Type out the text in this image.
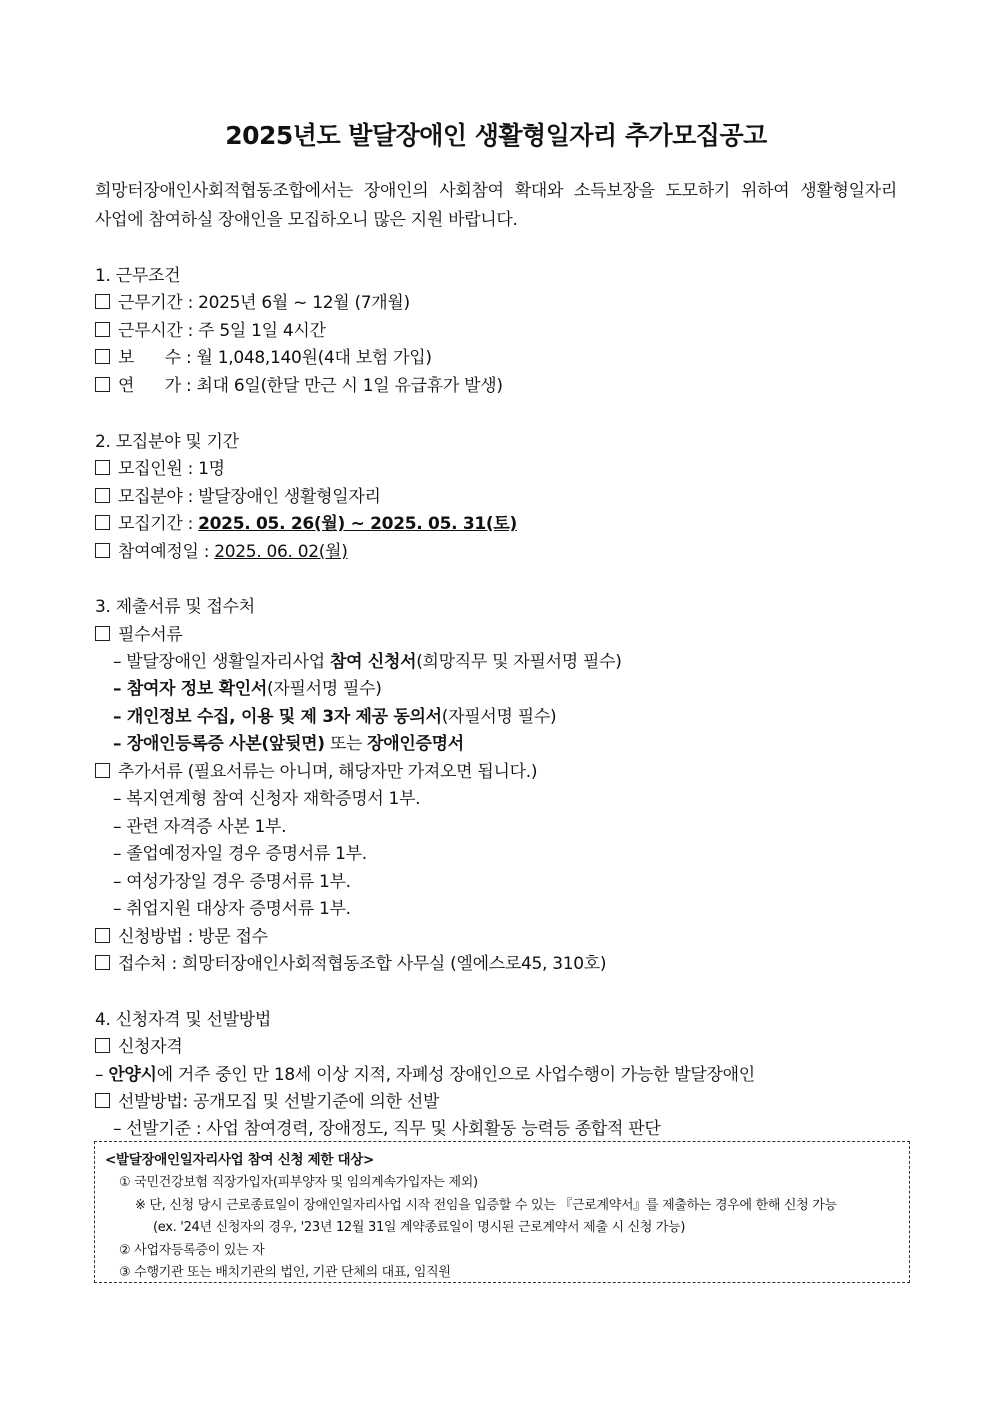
2025년도 발달장애인 생활형일자리 추가모집공고
희망터장애인사회적협동조합에서는 장애인의 사회참여 확대와 소득보장을 도모하기 위하여 생활형일자리
사업에 참여하실 장애인을 모집하오니 많은 지원 바랍니다.
1. 근무조건
근무기간 : 2025년 6월 ~ 12월 (7개월)
근무시간 : 주 5일 1일 4시간
보      수 : 월 1,048,140원(4대 보험 가입)
연      가 : 최대 6일(한달 만근 시 1일 유급휴가 발생)
2. 모집분야 및 기간
모집인원 : 1명
모집분야 : 발달장애인 생활형일자리
모집기간 : 2025. 05. 26(월) ~ 2025. 05. 31(토)
참여예정일 : 2025. 06. 02(월)
3. 제출서류 및 접수처
필수서류
– 발달장애인 생활일자리사업 참여 신청서(희망직무 및 자필서명 필수)
– 참여자 정보 확인서(자필서명 필수)
– 개인정보 수집, 이용 및 제 3자 제공 동의서(자필서명 필수)
– 장애인등록증 사본(앞뒷면) 또는 장애인증명서
추가서류 (필요서류는 아니며, 해당자만 가져오면 됩니다.)
– 복지연계형 참여 신청자 재학증명서 1부.
– 관련 자격증 사본 1부.
– 졸업예정자일 경우 증명서류 1부.
– 여성가장일 경우 증명서류 1부.
– 취업지원 대상자 증명서류 1부.
신청방법 : 방문 접수
접수처 : 희망터장애인사회적협동조합 사무실 (엘에스로45, 310호)
4. 신청자격 및 선발방법
신청자격
– 안양시에 거주 중인 만 18세 이상 지적, 자폐성 장애인으로 사업수행이 가능한 발달장애인
선발방법: 공개모집 및 선발기준에 의한 선발
– 선발기준 : 사업 참여경력, 장애정도, 직무 및 사회활동 능력등 종합적 판단
<발달장애인일자리사업 참여 신청 제한 대상>
① 국민건강보험 직장가입자(피부양자 및 임의계속가입자는 제외)
※ 단, 신청 당시 근로종료일이 장애인일자리사업 시작 전임을 입증할 수 있는 『근로계약서』를 제출하는 경우에 한해 신청 가능
(ex. '24년 신청자의 경우, '23년 12월 31일 계약종료일이 명시된 근로계약서 제출 시 신청 가능)
② 사업자등록증이 있는 자
③ 수행기관 또는 배치기관의 법인, 기관 단체의 대표, 임직원
